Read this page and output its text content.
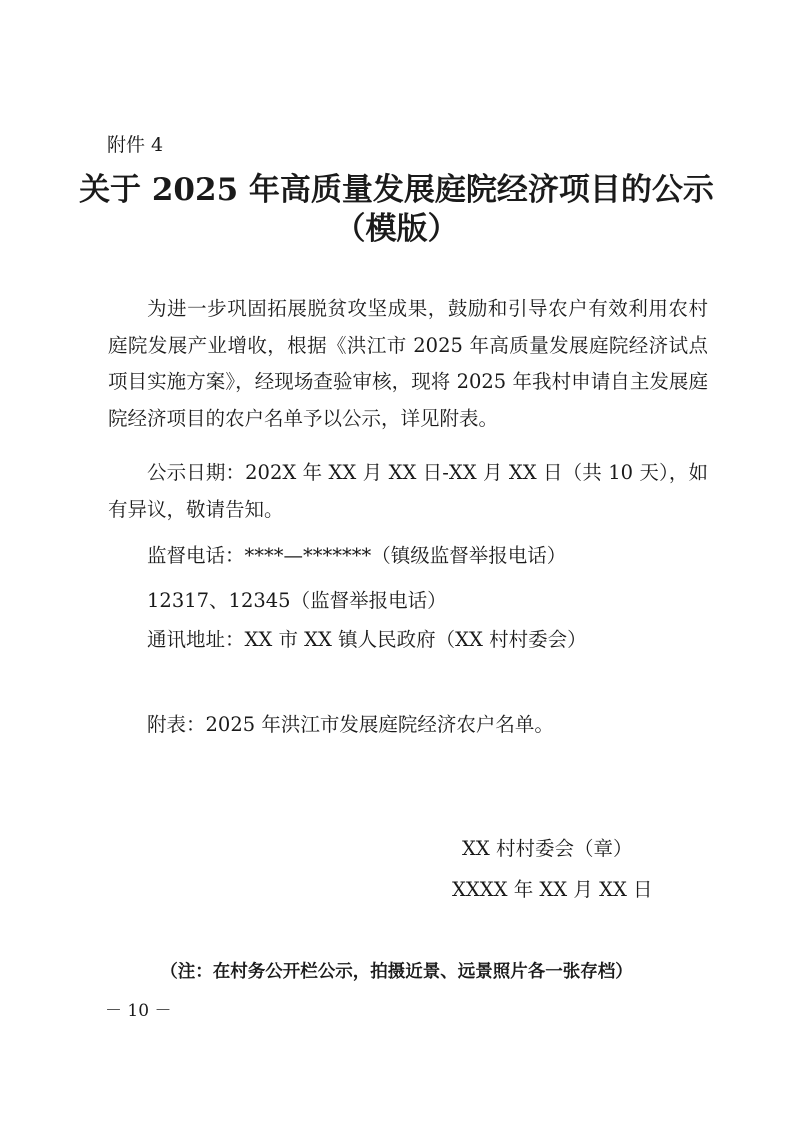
附件 4
关于 2025 年高质量发展庭院经济项目的公示
（模版）

为进一步巩固拓展脱贫攻坚成果，鼓励和引导农户有效利用农村庭院发展产业增收，根据《洪江市 2025 年高质量发展庭院经济试点项目实施方案》，经现场查验审核，现将 2025 年我村申请自主发展庭院经济项目的农户名单予以公示，详见附表。

公示日期：202X 年 XX 月 XX 日-XX 月 XX 日（共 10 天），如有异议，敬请告知。

监督电话：****—*******（镇级监督举报电话）
12317、12345（监督举报电话）
通讯地址：XX 市 XX 镇人民政府（XX 村村委会）
附表：2025 年洪江市发展庭院经济农户名单。
XX 村村委会（章）
XXXX 年 XX 月 XX 日
（注：在村务公开栏公示，拍摄近景、远景照片各一张存档）
－ 10 －
